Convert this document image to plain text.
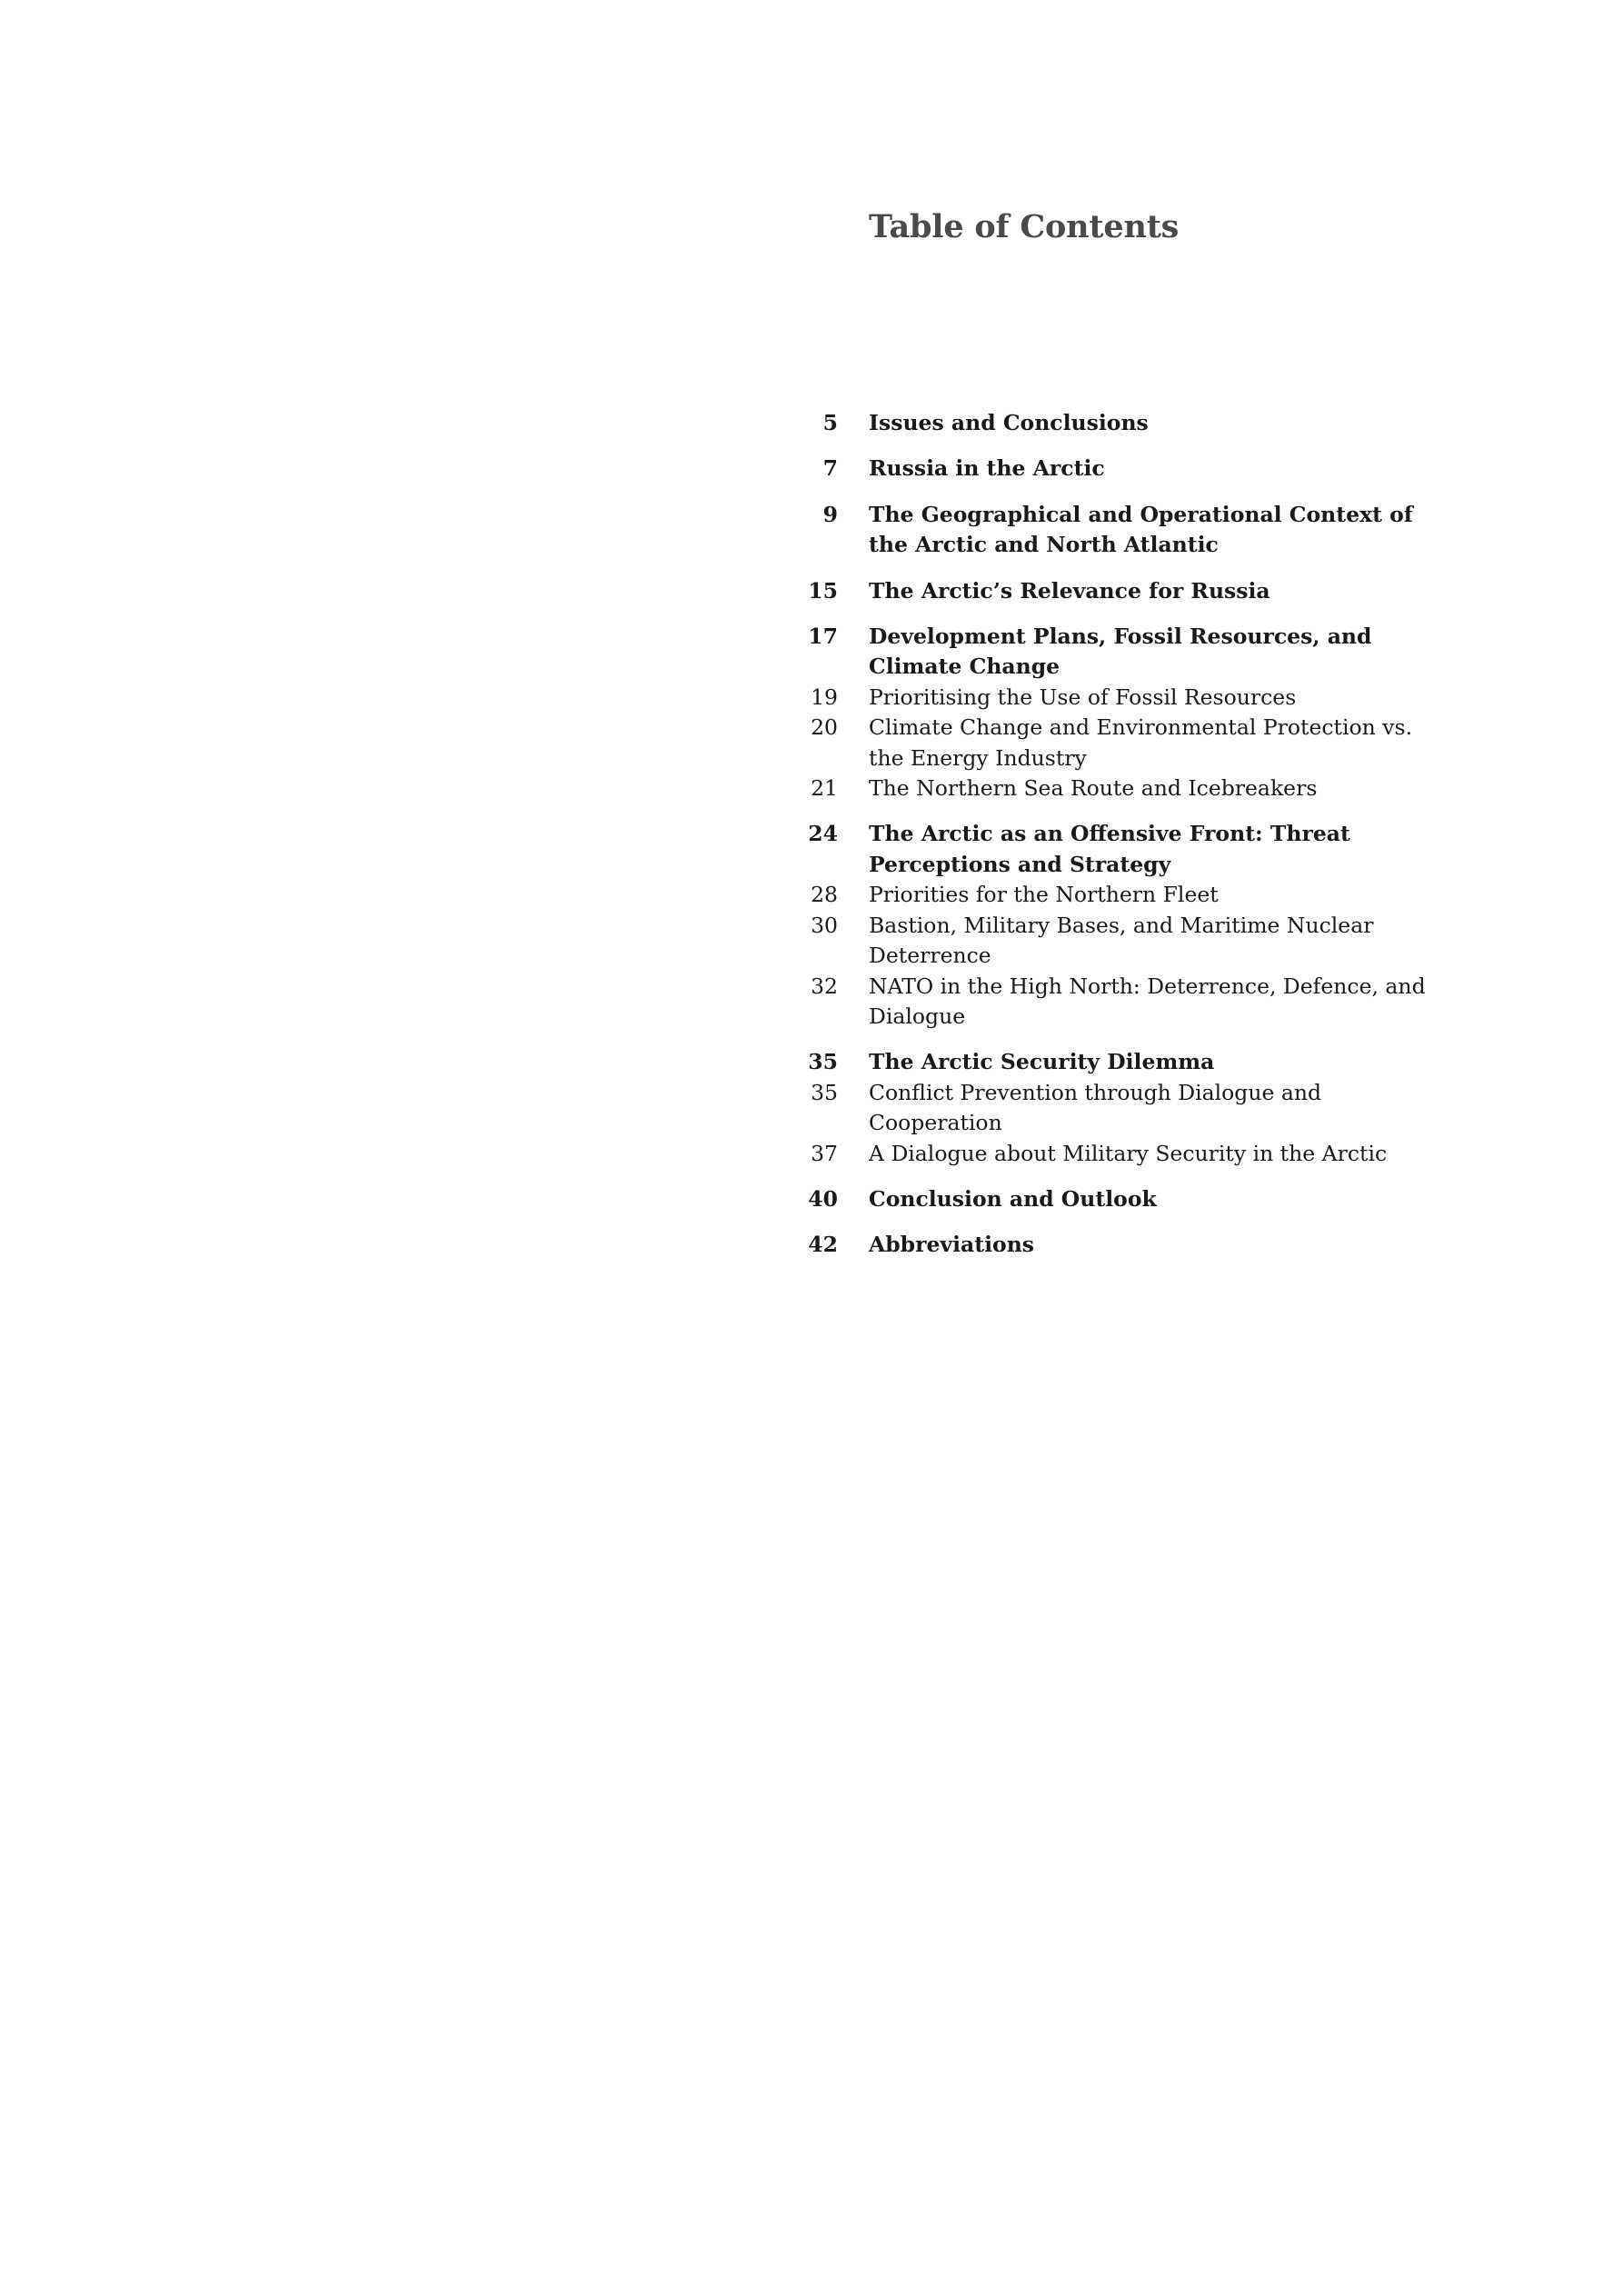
Table of Contents
5 Issues and Conclusions
7 Russia in the Arctic
9 The Geographical and Operational Context of the Arctic and North Atlantic
15 The Arctic’s Relevance for Russia
17 Development Plans, Fossil Resources, and Climate Change
19 Prioritising the Use of Fossil Resources
20 Climate Change and Environmental Protection vs. the Energy Industry
21 The Northern Sea Route and Icebreakers
24 The Arctic as an Offensive Front: Threat Perceptions and Strategy
28 Priorities for the Northern Fleet
30 Bastion, Military Bases, and Maritime Nuclear Deterrence
32 NATO in the High North: Deterrence, Defence, and Dialogue
35 The Arctic Security Dilemma
35 Conflict Prevention through Dialogue and Cooperation
37 A Dialogue about Military Security in the Arctic
40 Conclusion and Outlook
42 Abbreviations
